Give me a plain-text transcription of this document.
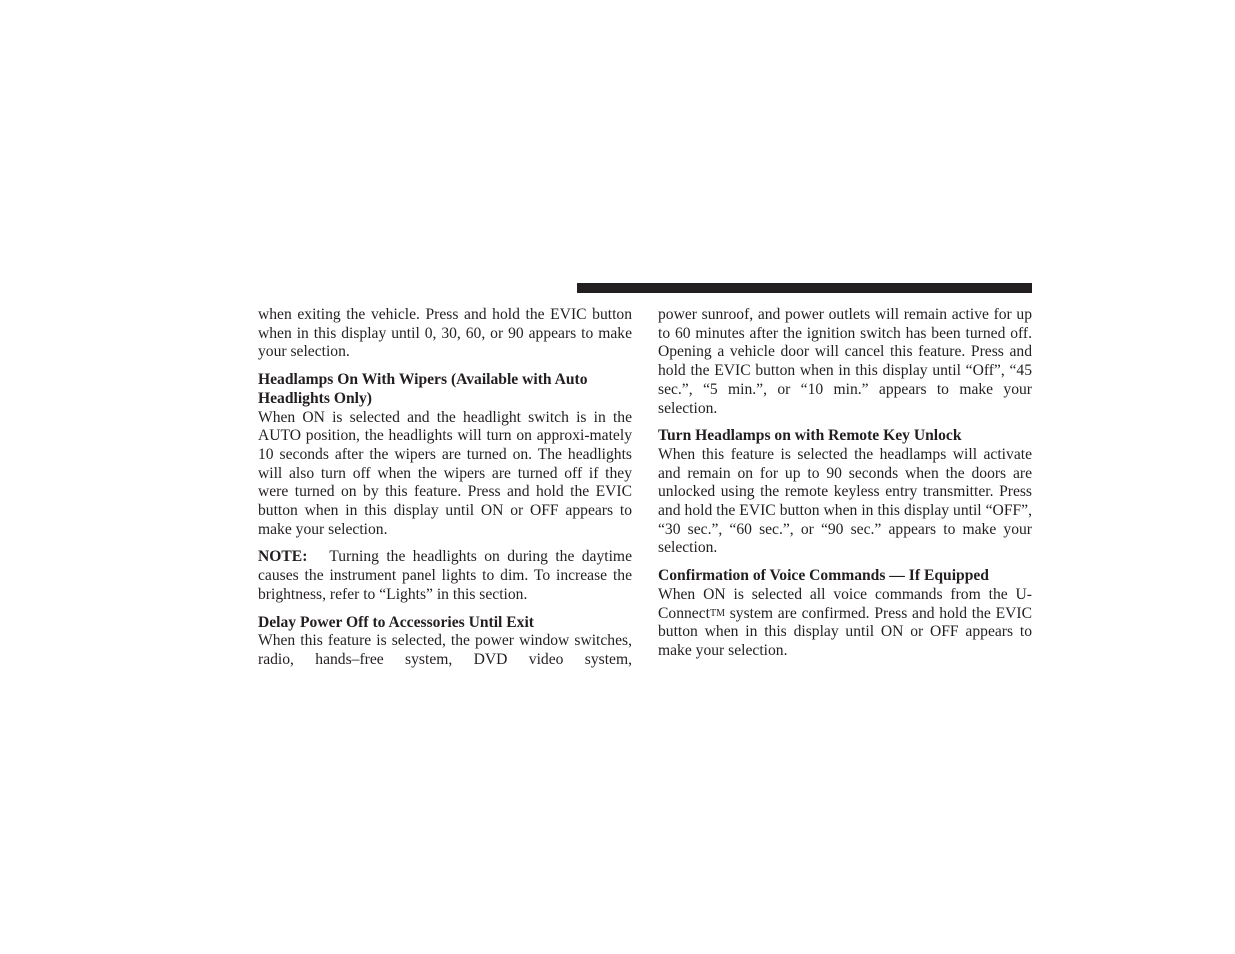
when exiting the vehicle. Press and hold the EVIC button when in this display until 0, 30, 60, or 90 appears to make your selection.

Headlamps On With Wipers (Available with Auto Headlights Only)

When ON is selected and the headlight switch is in the AUTO position, the headlights will turn on approxi-mately 10 seconds after the wipers are turned on. The headlights will also turn off when the wipers are turned off if they were turned on by this feature. Press and hold the EVIC button when in this display until ON or OFF appears to make your selection.

NOTE: Turning the headlights on during the daytime causes the instrument panel lights to dim. To increase the brightness, refer to “Lights” in this section.

Delay Power Off to Accessories Until Exit

When this feature is selected, the power window switches, radio, hands–free system, DVD video system,

power sunroof, and power outlets will remain active for up to 60 minutes after the ignition switch has been turned off. Opening a vehicle door will cancel this feature. Press and hold the EVIC button when in this display until “Off”, “45 sec.”, “5 min.”, or “10 min.” appears to make your selection.

Turn Headlamps on with Remote Key Unlock

When this feature is selected the headlamps will activate and remain on for up to 90 seconds when the doors are unlocked using the remote keyless entry transmitter. Press and hold the EVIC button when in this display until “OFF”, “30 sec.”, “60 sec.”, or “90 sec.” appears to make your selection.

Confirmation of Voice Commands — If Equipped

When ON is selected all voice commands from the U-ConnectTM system are confirmed. Press and hold the EVIC button when in this display until ON or OFF appears to make your selection.
